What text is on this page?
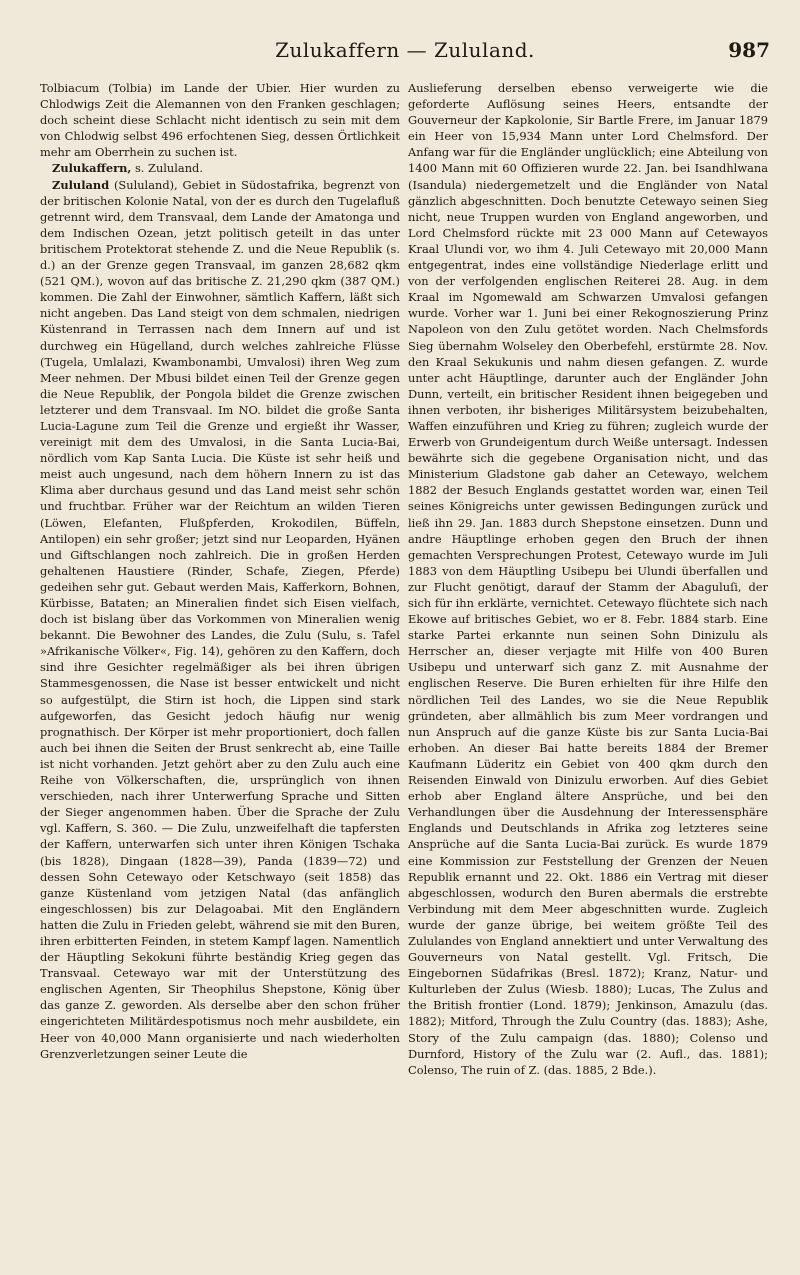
Zulukaffern — Zululand.	987

Tolbiacum (Tolbia) im Lande der Ubier. Hier wurden zu Chlodwigs Zeit die Alemannen von den Franken geschlagen; doch scheint diese Schlacht nicht identisch zu sein mit dem von Chlodwig selbst 496 erfochtenen Sieg, dessen Örtlichkeit mehr am Oberrhein zu suchen ist.

Zulukaffern, s. Zululand.

Zululand (Sululand), Gebiet in Südostafrika, begrenzt von der britischen Kolonie Natal, von der es durch den Tugelafluß getrennt wird, dem Transvaal, dem Lande der Amatonga und dem Indischen Ozean, jetzt politisch geteilt in das unter britischem Protektorat stehende Z. und die Neue Republik (s. d.) an der Grenze gegen Transvaal, im ganzen 28,682 qkm (521 QM.), wovon auf das britische Z. 21,290 qkm (387 QM.) kommen. Die Zahl der Einwohner, sämtlich Kaffern, läßt sich nicht angeben. Das Land steigt von dem schmalen, niedrigen Küstenrand in Terrassen nach dem Innern auf und ist durchweg ein Hügelland, durch welches zahlreiche Flüsse (Tugela, Umlalazi, Kwambonambi, Umvalosi) ihren Weg zum Meer nehmen. Der Mbusi bildet einen Teil der Grenze gegen die Neue Republik, der Pongola bildet die Grenze zwischen letzterer und dem Transvaal. Im NO. bildet die große Santa Lucia-Lagune zum Teil die Grenze und ergießt ihr Wasser, vereinigt mit dem des Umvalosi, in die Santa Lucia-Bai, nördlich vom Kap Santa Lucia. Die Küste ist sehr heiß und meist auch ungesund, nach dem höhern Innern zu ist das Klima aber durchaus gesund und das Land meist sehr schön und fruchtbar. Früher war der Reichtum an wilden Tieren (Löwen, Elefanten, Flußpferden, Krokodilen, Büffeln, Antilopen) ein sehr großer; jetzt sind nur Leoparden, Hyänen und Giftschlangen noch zahlreich. Die in großen Herden gehaltenen Haustiere (Rinder, Schafe, Ziegen, Pferde) gedeihen sehr gut. Gebaut werden Mais, Kafferkorn, Bohnen, Kürbisse, Bataten; an Mineralien findet sich Eisen vielfach, doch ist bislang über das Vorkommen von Mineralien wenig bekannt. Die Bewohner des Landes, die Zulu (Sulu, s. Tafel »Afrikanische Völker«, Fig. 14), gehören zu den Kaffern, doch sind ihre Gesichter regelmäßiger als bei ihren übrigen Stammesgenossen, die Nase ist besser entwickelt und nicht so aufgestülpt, die Stirn ist hoch, die Lippen sind stark aufgeworfen, das Gesicht jedoch häufig nur wenig prognathisch. Der Körper ist mehr proportioniert, doch fallen auch bei ihnen die Seiten der Brust senkrecht ab, eine Taille ist nicht vorhanden. Jetzt gehört aber zu den Zulu auch eine Reihe von Völkerschaften, die, ursprünglich von ihnen verschieden, nach ihrer Unterwerfung Sprache und Sitten der Sieger angenommen haben. Über die Sprache der Zulu vgl. Kaffern, S. 360. — Die Zulu, unzweifelhaft die tapfersten der Kaffern, unterwarfen sich unter ihren Königen Tschaka (bis 1828), Dingaan (1828—39), Panda (1839—72) und dessen Sohn Cetewayo oder Ketschwayo (seit 1858) das ganze Küstenland vom jetzigen Natal (das anfänglich eingeschlossen) bis zur Delagoabai. Mit den Engländern hatten die Zulu in Frieden gelebt, während sie mit den Buren, ihren erbitterten Feinden, in stetem Kampf lagen. Namentlich der Häuptling Sekokuni führte beständig Krieg gegen das Transvaal. Cetewayo war mit der Unterstützung des englischen Agenten, Sir Theophilus Shepstone, König über das ganze Z. geworden. Als derselbe aber den schon früher eingerichteten Militärdespotismus noch mehr ausbildete, ein Heer von 40,000 Mann organisierte und nach wiederholten Grenzverletzungen seiner Leute die

Auslieferung derselben ebenso verweigerte wie die geforderte Auflösung seines Heers, entsandte der Gouverneur der Kapkolonie, Sir Bartle Frere, im Januar 1879 ein Heer von 15,934 Mann unter Lord Chelmsford. Der Anfang war für die Engländer unglücklich; eine Abteilung von 1400 Mann mit 60 Offizieren wurde 22. Jan. bei Isandhlwana (Isandula) niedergemetzelt und die Engländer von Natal gänzlich abgeschnitten. Doch benutzte Cetewayo seinen Sieg nicht, neue Truppen wurden von England angeworben, und Lord Chelmsford rückte mit 23 000 Mann auf Cetewayos Kraal Ulundi vor, wo ihm 4. Juli Cetewayo mit 20,000 Mann entgegentrat, indes eine vollständige Niederlage erlitt und von der verfolgenden englischen Reiterei 28. Aug. in dem Kraal im Ngomewald am Schwarzen Umvalosi gefangen wurde. Vorher war 1. Juni bei einer Rekognoszierung Prinz Napoleon von den Zulu getötet worden. Nach Chelmsfords Sieg übernahm Wolseley den Oberbefehl, erstürmte 28. Nov. den Kraal Sekukunis und nahm diesen gefangen. Z. wurde unter acht Häuptlinge, darunter auch der Engländer John Dunn, verteilt, ein britischer Resident ihnen beigegeben und ihnen verboten, ihr bisheriges Militärsystem beizubehalten, Waffen einzuführen und Krieg zu führen; zugleich wurde der Erwerb von Grundeigentum durch Weiße untersagt. Indessen bewährte sich die gegebene Organisation nicht, und das Ministerium Gladstone gab daher an Cetewayo, welchem 1882 der Besuch Englands gestattet worden war, einen Teil seines Königreichs unter gewissen Bedingungen zurück und ließ ihn 29. Jan. 1883 durch Shepstone einsetzen. Dunn und andre Häuptlinge erhoben gegen den Bruch der ihnen gemachten Versprechungen Protest, Cetewayo wurde im Juli 1883 von dem Häuptling Usibepu bei Ulundi überfallen und zur Flucht genötigt, darauf der Stamm der Abaguluſi, der sich für ihn erklärte, vernichtet. Cetewayo flüchtete sich nach Ekowe auf britisches Gebiet, wo er 8. Febr. 1884 starb. Eine starke Partei erkannte nun seinen Sohn Dinizulu als Herrscher an, dieser verjagte mit Hilfe von 400 Buren Usibepu und unterwarf sich ganz Z. mit Ausnahme der englischen Reserve. Die Buren erhielten für ihre Hilfe den nördlichen Teil des Landes, wo sie die Neue Republik gründeten, aber allmählich bis zum Meer vordrangen und nun Anspruch auf die ganze Küste bis zur Santa Lucia-Bai erhoben. An dieser Bai hatte bereits 1884 der Bremer Kaufmann Lüderitz ein Gebiet von 400 qkm durch den Reisenden Einwald von Dinizulu erworben. Auf dies Gebiet erhob aber England ältere Ansprüche, und bei den Verhandlungen über die Ausdehnung der Interessensphäre Englands und Deutschlands in Afrika zog letzteres seine Ansprüche auf die Santa Lucia-Bai zurück. Es wurde 1879 eine Kommission zur Feststellung der Grenzen der Neuen Republik ernannt und 22. Okt. 1886 ein Vertrag mit dieser abgeschlossen, wodurch den Buren abermals die erstrebte Verbindung mit dem Meer abgeschnitten wurde. Zugleich wurde der ganze übrige, bei weitem größte Teil des Zululandes von England annektiert und unter Verwaltung des Gouverneurs von Natal gestellt. Vgl. Fritsch, Die Eingebornen Südafrikas (Bresl. 1872); Kranz, Natur- und Kulturleben der Zulus (Wiesb. 1880); Lucas, The Zulus and the British frontier (Lond. 1879); Jenkinson, Amazulu (das. 1882); Mitford, Through the Zulu Country (das. 1883); Ashe, Story of the Zulu campaign (das. 1880); Colenso und Durnford, History of the Zulu war (2. Aufl., das. 1881); Colenso, The ruin of Z. (das. 1885, 2 Bde.).
